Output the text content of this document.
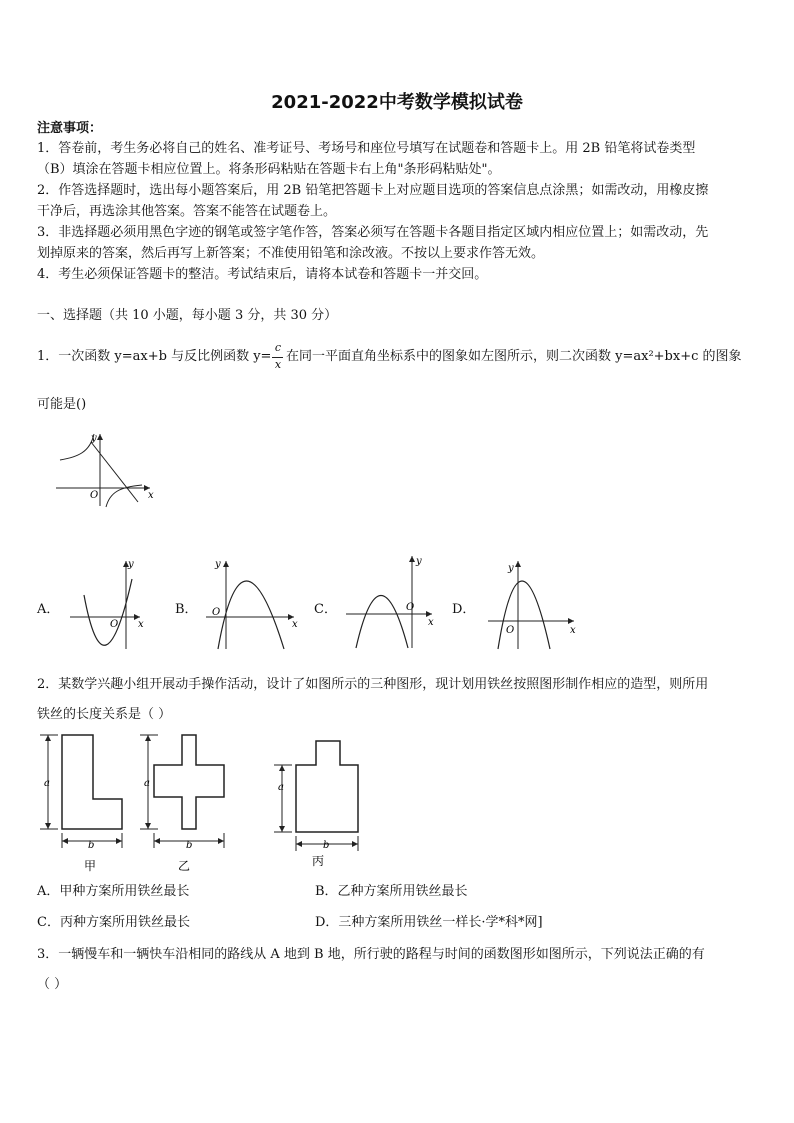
2021-2022中考数学模拟试卷
注意事项：
1．答卷前，考生务必将自己的姓名、准考证号、考场号和座位号填写在试题卷和答题卡上。用 2B 铅笔将试卷类型
（B）填涂在答题卡相应位置上。将条形码粘贴在答题卡右上角"条形码粘贴处"。
2．作答选择题时，选出每小题答案后，用 2B 铅笔把答题卡上对应题目选项的答案信息点涂黑；如需改动，用橡皮擦
干净后，再选涂其他答案。答案不能答在试题卷上。
3．非选择题必须用黑色字迹的钢笔或签字笔作答，答案必须写在答题卡各题目指定区域内相应位置上；如需改动，先
划掉原来的答案，然后再写上新答案；不准使用铅笔和涂改液。不按以上要求作答无效。
4．考生必须保证答题卡的整洁。考试结束后，请将本试卷和答题卡一并交回。
一、选择题（共 10 小题，每小题 3 分，共 30 分）
1．一次函数 y=ax+b 与反比例函数 y=
c
x
在同一平面直角坐标系中的图象如左图所示，则二次函数 y=ax²+bx+c 的图象
可能是()
x
y
O
A．
x
y
O
B．
x
y
O	C．
x
y
O	D．
x
y
O
2．某数学兴趣小组开展动手操作活动，设计了如图所示的三种图形，现计划用铁丝按照图形制作相应的造型，则所用
铁丝的长度关系是（ ）
a
b
甲
a
b
乙
a
b
丙
A．甲种方案所用铁丝最长	B．乙种方案所用铁丝最长
C．丙种方案所用铁丝最长	D．三种方案所用铁丝一样长·学*科*网]
3．一辆慢车和一辆快车沿相同的路线从 A 地到 B 地，所行驶的路程与时间的函数图形如图所示，下列说法正确的有
（ ）
